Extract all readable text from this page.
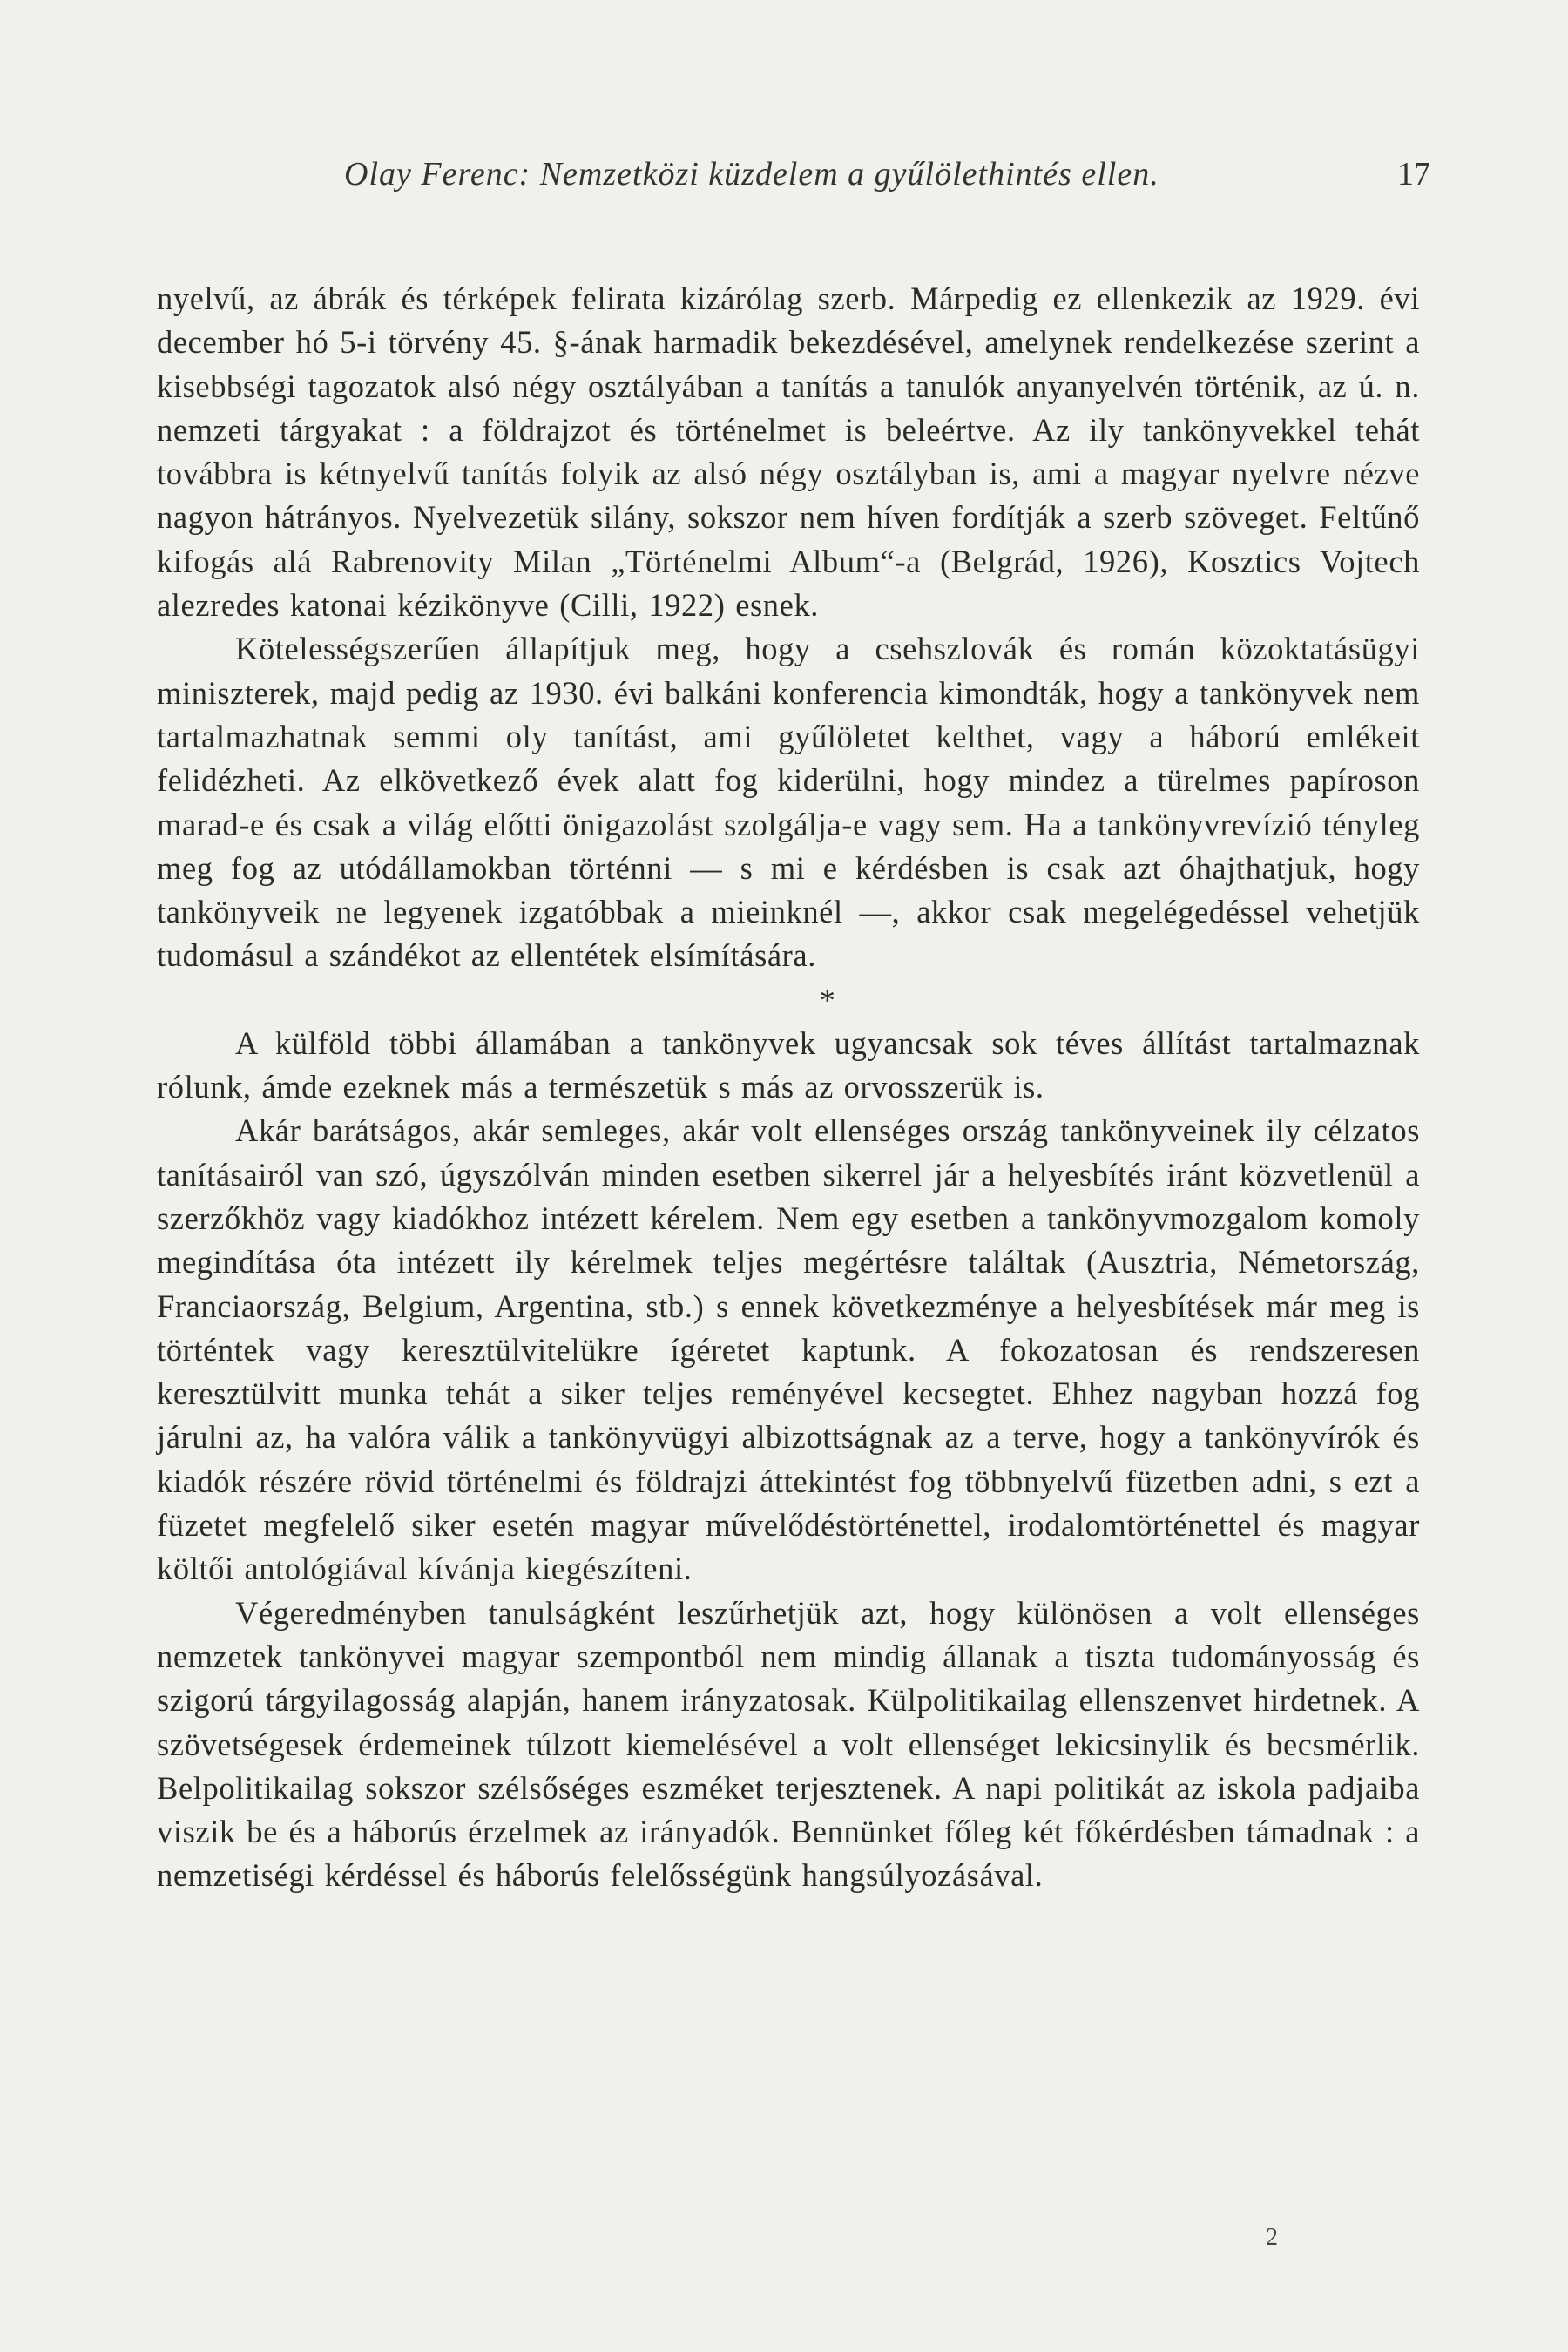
Olay Ferenc: Nemzetközi küzdelem a gyűlölethintés ellen.	17

nyelvű, az ábrák és térképek felirata kizárólag szerb. Márpedig ez ellenkezik az 1929. évi december hó 5-i törvény 45. §-ának harmadik bekezdésével, amelynek rendelkezése szerint a kisebbségi tagozatok alsó négy osztályában a tanítás a tanulók anyanyelvén történik, az ú. n. nemzeti tárgyakat : a földrajzot és történelmet is beleértve. Az ily tankönyvekkel tehát továbbra is kétnyelvű tanítás folyik az alsó négy osztályban is, ami a magyar nyelvre nézve nagyon hátrányos. Nyelvezetük silány, sokszor nem híven fordítják a szerb szöveget. Feltűnő kifogás alá Rabrenovity Milan „Történelmi Album“-a (Belgrád, 1926), Kosztics Vojtech alezredes katonai kézikönyve (Cilli, 1922) esnek.

Kötelességszerűen állapítjuk meg, hogy a csehszlovák és román közoktatásügyi miniszterek, majd pedig az 1930. évi balkáni konferencia kimondták, hogy a tankönyvek nem tartalmazhatnak semmi oly tanítást, ami gyűlöletet kelthet, vagy a háború emlékeit felidézheti. Az elkövetkező évek alatt fog kiderülni, hogy mindez a türelmes papíroson marad-e és csak a világ előtti önigazolást szolgálja-e vagy sem. Ha a tankönyvrevízió tényleg meg fog az utódállamokban történni — s mi e kérdésben is csak azt óhajthatjuk, hogy tankönyveik ne legyenek izgatóbbak a mieinknél —, akkor csak megelégedéssel vehetjük tudomásul a szándékot az ellentétek elsímítására.

*

A külföld többi államában a tankönyvek ugyancsak sok téves állítást tartalmaznak rólunk, ámde ezeknek más a természetük s más az orvosszerük is.

Akár barátságos, akár semleges, akár volt ellenséges ország tankönyveinek ily célzatos tanításairól van szó, úgyszólván minden esetben sikerrel jár a helyesbítés iránt közvetlenül a szerzőkhöz vagy kiadókhoz intézett kérelem. Nem egy esetben a tankönyvmozgalom komoly megindítása óta intézett ily kérelmek teljes megértésre találtak (Ausztria, Németország, Franciaország, Belgium, Argentina, stb.) s ennek következménye a helyesbítések már meg is történtek vagy keresztülvitelükre ígéretet kaptunk. A fokozatosan és rendszeresen keresztülvitt munka tehát a siker teljes reményével kecsegtet. Ehhez nagyban hozzá fog járulni az, ha valóra válik a tankönyvügyi albizottságnak az a terve, hogy a tankönyvírók és kiadók részére rövid történelmi és földrajzi áttekintést fog többnyelvű füzetben adni, s ezt a füzetet megfelelő siker esetén magyar művelődéstörténettel, irodalomtörténettel és magyar költői antológiával kívánja kiegészíteni.

Végeredményben tanulságként leszűrhetjük azt, hogy különösen a volt ellenséges nemzetek tankönyvei magyar szempontból nem mindig állanak a tiszta tudományosság és szigorú tárgyilagosság alapján, hanem irányzatosak. Külpolitikailag ellenszenvet hirdetnek. A szövetségesek érdemeinek túlzott kiemelésével a volt ellenséget lekicsinylik és becsmérlik. Belpolitikailag sokszor szélsőséges eszméket terjesztenek. A napi politikát az iskola padjaiba viszik be és a háborús érzelmek az irányadók. Bennünket főleg két főkérdésben támadnak : a nemzetiségi kérdéssel és háborús felelősségünk hangsúlyozásával.

2
